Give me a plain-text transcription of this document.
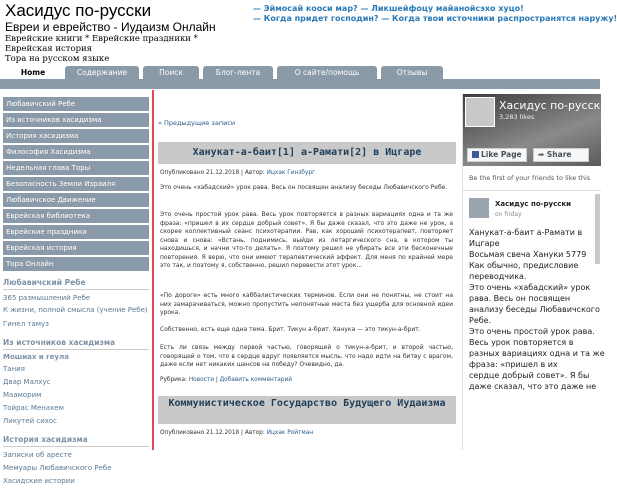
Хасидус по-русски
Евреи и еврейство - Иудаизм Онлайн
Еврейские книги * Еврейские праздники * Еврейская история
Тора на русском языке
— Эймосай кооси мар? — Ликшейфоцу майанойсэхо хуцо!
— Когда придет господин? — Когда твои источники распространятся наружу!
Home	Содержание	Поиск	Блог-лента	О сайте/помощь	Отзывы
Любавичский Ребе
Из источников хасидизма
История хасидизма
Философия Хасидизма
Недельная глава Торы
Безопасность Земли Израиля
Любавичское Движение
Еврейская библиотека
Еврейские праздники
Еврейская история
Тора Онлайн
Любавичский Ребе
365 размышлений Ребе
К жизни, полной смысла (учение Ребе)
Гинел тамуз
Из источников хасидизма
Мошиах и геула
Тания
Двар Малхус
Мааморим
Тойрас Менахем
Ликутей сихос
История хасидизма
Записки об аресте
Мемуары Любавичского Ребе
Хасидские истории
« Предыдущие записи
Ханукат-а-баит[1] а-Рамати[2] в Ицгаре
Опубликовано 21.12.2018 | Автор: Ицхак Гинзбург
Это очень «хабадский» урок рава. Весь он посвящен анализу беседы Любавичского Ребе.
Это очень простой урок рава. Весь урок повторяется в разных вариациях одна и та же фраза: «пришел в их сердце добрый совет». Я бы даже сказал, что это даже не урок, а скорее коллективный сеанс психотерапии. Рав, как хороший психотерапевт, повторяет снова и снова: «Встань, поднимись, выйди из летаргического сна, в котором ты находишься, и начни что-то делать». Я поэтому решил не убирать все эти бесконечные повторения. Я верю, что они имеют терапевтический эффект. Для меня по крайней мере это так, и поэтому я, собственно, решил перевести этот урок...
«По дороге» есть много каббалистических терминов. Если они не понятны, не стоит на них замарачиваться, можно пропустить непонятные места без ущерба для основной идеи урока.
Собственно, есть еще одна тема. Брит. Тикун а-брит. Ханука — это тикун-а-брит.
Есть ли связь между первой частью, говорящей о тикун-а-брит, и второй частью, говорящей о том, что в сердце вдруг появляется мысль, что надо идти на битву с врагом, даже если нет никаких шансов на победу? Очевидно, да.
Рубрика: Новости | Добавить комментарий
Коммунистическое Государство Будущего Иудаизма
Опубликовано 21.12.2018 | Автор: Ицхак Ройтман
Хасидус по-русски
3,283 likes
Like Page	➦ Share
Be the first of your friends to like this
Хасидус по-русски
on friday
Ханукат-а-баит а-Рамати в
Ицгаре
Восьмая свеча Хануки 5779
Как обычно, предисловие
переводчика.
Это очень «хабадский» урок
рава. Весь он посвящен
анализу беседы Любавичского
Ребе.
Это очень простой урок рава.
Весь урок повторяется в
разных вариациях одна и та же
фраза: «пришел в их
сердце добрый совет». Я бы
даже сказал, что это даже не
